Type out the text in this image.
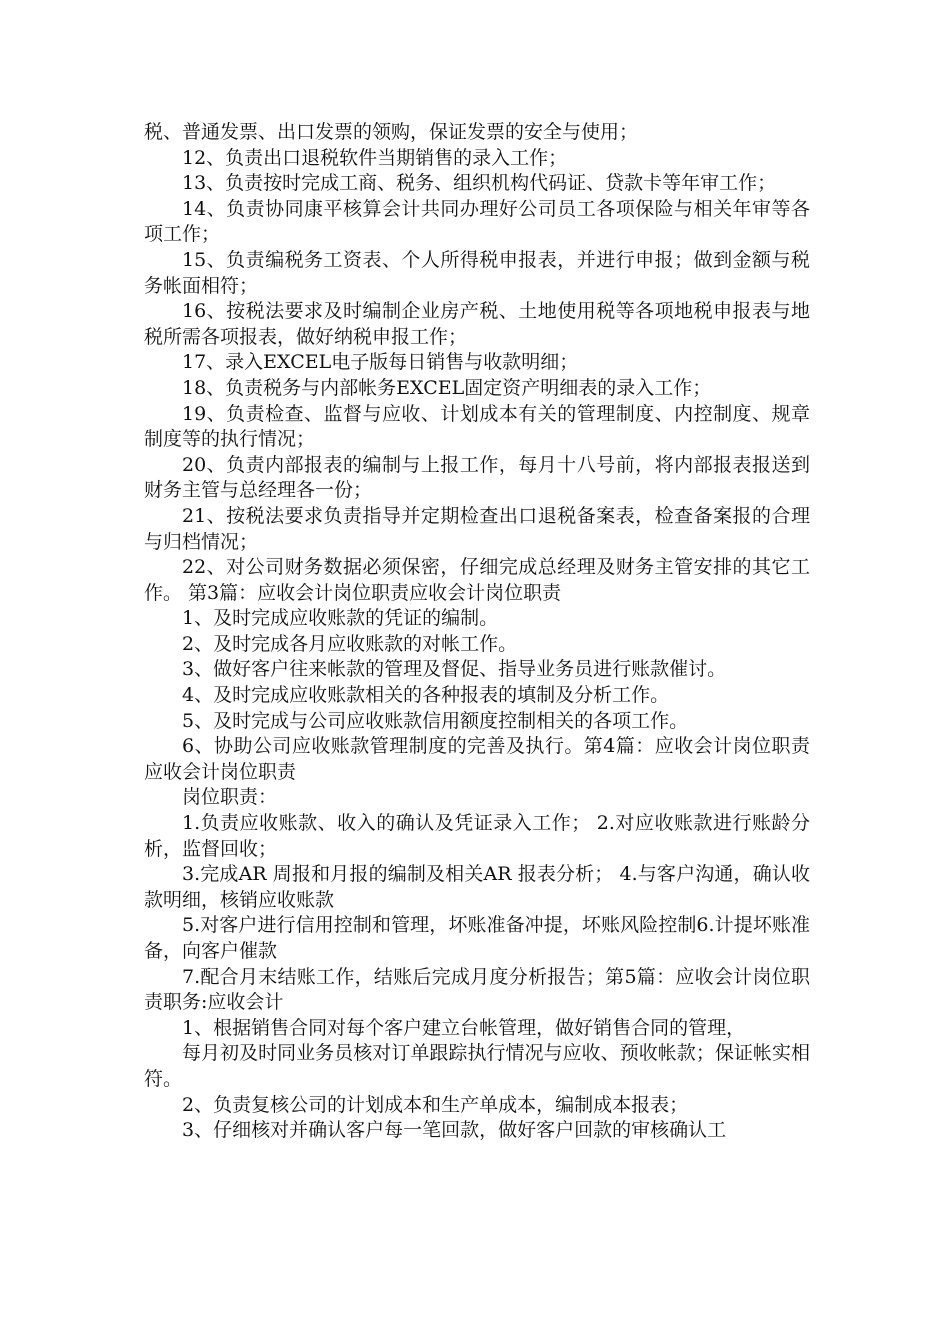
税、普通发票、出口发票的领购，保证发票的安全与使用；

12、负责出口退税软件当期销售的录入工作；

13、负责按时完成工商、税务、组织机构代码证、贷款卡等年审工作；

14、负责协同康平核算会计共同办理好公司员工各项保险与相关年审等各项工作；

15、负责编税务工资表、个人所得税申报表，并进行申报；做到金额与税务帐面相符；

16、按税法要求及时编制企业房产税、土地使用税等各项地税申报表与地税所需各项报表，做好纳税申报工作；

17、录入EXCEL电子版每日销售与收款明细；

18、负责税务与内部帐务EXCEL固定资产明细表的录入工作；

19、负责检查、监督与应收、计划成本有关的管理制度、内控制度、规章制度等的执行情况；

20、负责内部报表的编制与上报工作，每月十八号前，将内部报表报送到财务主管与总经理各一份；

21、按税法要求负责指导并定期检查出口退税备案表，检查备案报的合理与归档情况；

22、对公司财务数据必须保密，仔细完成总经理及财务主管安排的其它工作。 第3篇：应收会计岗位职责应收会计岗位职责

1、及时完成应收账款的凭证的编制。

2、及时完成各月应收账款的对帐工作。

3、做好客户往来帐款的管理及督促、指导业务员进行账款催讨。

4、及时完成应收账款相关的各种报表的填制及分析工作。

5、及时完成与公司应收账款信用额度控制相关的各项工作。

6、协助公司应收账款管理制度的完善及执行。第4篇：应收会计岗位职责应收会计岗位职责

岗位职责：

1.负责应收账款、收入的确认及凭证录入工作； 2.对应收账款进行账龄分析，监督回收；

3.完成AR 周报和月报的编制及相关AR 报表分析； 4.与客户沟通，确认收款明细，核销应收账款

5.对客户进行信用控制和管理，坏账准备冲提，坏账风险控制6.计提坏账准备，向客户催款

7.配合月末结账工作，结账后完成月度分析报告；第5篇：应收会计岗位职责职务:应收会计

1、根据销售合同对每个客户建立台帐管理，做好销售合同的管理，

每月初及时同业务员核对订单跟踪执行情况与应收、预收帐款；保证帐实相符。

2、负责复核公司的计划成本和生产单成本，编制成本报表；

3、仔细核对并确认客户每一笔回款，做好客户回款的审核确认工
